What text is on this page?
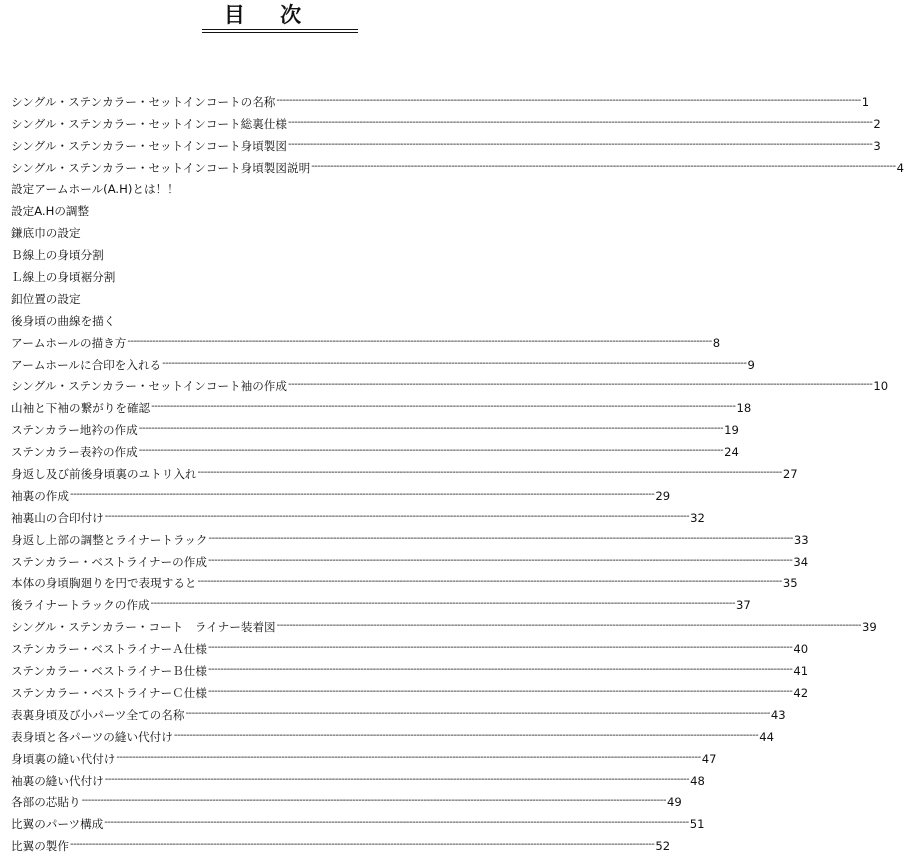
目 次
シングル・ステンカラー・セットインコートの名称 -------------------------------------------------------------------------------------------------------------------------------------------------------------------------------------------- 1
シングル・ステンカラー・セットインコート総裏仕様 -------------------------------------------------------------------------------------------------------------------------------------------------------------------------------------------- 2
シングル・ステンカラー・セットインコート身頃製図 -------------------------------------------------------------------------------------------------------------------------------------------------------------------------------------------- 3
シングル・ステンカラー・セットインコート身頃製図説明 -------------------------------------------------------------------------------------------------------------------------------------------------------------------------------------------- 4
設定アームホール(A.H)とは！！
設定A.Hの調整
鎌底巾の設定
Ｂ線上の身頃分割
Ｌ線上の身頃裾分割
釦位置の設定
後身頃の曲線を描く
アームホールの描き方 -------------------------------------------------------------------------------------------------------------------------------------------------------------------------------------------- 8
アームホールに合印を入れる -------------------------------------------------------------------------------------------------------------------------------------------------------------------------------------------- 9
シングル・ステンカラー・セットインコート袖の作成 -------------------------------------------------------------------------------------------------------------------------------------------------------------------------------------------- 10
山袖と下袖の繋がりを確認 -------------------------------------------------------------------------------------------------------------------------------------------------------------------------------------------- 18
ステンカラー地衿の作成 -------------------------------------------------------------------------------------------------------------------------------------------------------------------------------------------- 19
ステンカラー表衿の作成 -------------------------------------------------------------------------------------------------------------------------------------------------------------------------------------------- 24
身返し及び前後身頃裏のユトリ入れ -------------------------------------------------------------------------------------------------------------------------------------------------------------------------------------------- 27
袖裏の作成 -------------------------------------------------------------------------------------------------------------------------------------------------------------------------------------------- 29
袖裏山の合印付け -------------------------------------------------------------------------------------------------------------------------------------------------------------------------------------------- 32
身返し上部の調整とライナートラック -------------------------------------------------------------------------------------------------------------------------------------------------------------------------------------------- 33
ステンカラー・ベストライナーの作成 -------------------------------------------------------------------------------------------------------------------------------------------------------------------------------------------- 34
本体の身頃胸廻りを円で表現すると -------------------------------------------------------------------------------------------------------------------------------------------------------------------------------------------- 35
後ライナートラックの作成 -------------------------------------------------------------------------------------------------------------------------------------------------------------------------------------------- 37
シングル・ステンカラー・コート　ライナー装着図 -------------------------------------------------------------------------------------------------------------------------------------------------------------------------------------------- 39
ステンカラー・ベストライナーＡ仕様 -------------------------------------------------------------------------------------------------------------------------------------------------------------------------------------------- 40
ステンカラー・ベストライナーＢ仕様 -------------------------------------------------------------------------------------------------------------------------------------------------------------------------------------------- 41
ステンカラー・ベストライナーＣ仕様 -------------------------------------------------------------------------------------------------------------------------------------------------------------------------------------------- 42
表裏身頃及び小パーツ全ての名称 -------------------------------------------------------------------------------------------------------------------------------------------------------------------------------------------- 43
表身頃と各パーツの縫い代付け -------------------------------------------------------------------------------------------------------------------------------------------------------------------------------------------- 44
身頃裏の縫い代付け -------------------------------------------------------------------------------------------------------------------------------------------------------------------------------------------- 47
袖裏の縫い代付け -------------------------------------------------------------------------------------------------------------------------------------------------------------------------------------------- 48
各部の芯貼り -------------------------------------------------------------------------------------------------------------------------------------------------------------------------------------------- 49
比翼のパーツ構成 -------------------------------------------------------------------------------------------------------------------------------------------------------------------------------------------- 51
比翼の製作 -------------------------------------------------------------------------------------------------------------------------------------------------------------------------------------------- 52
